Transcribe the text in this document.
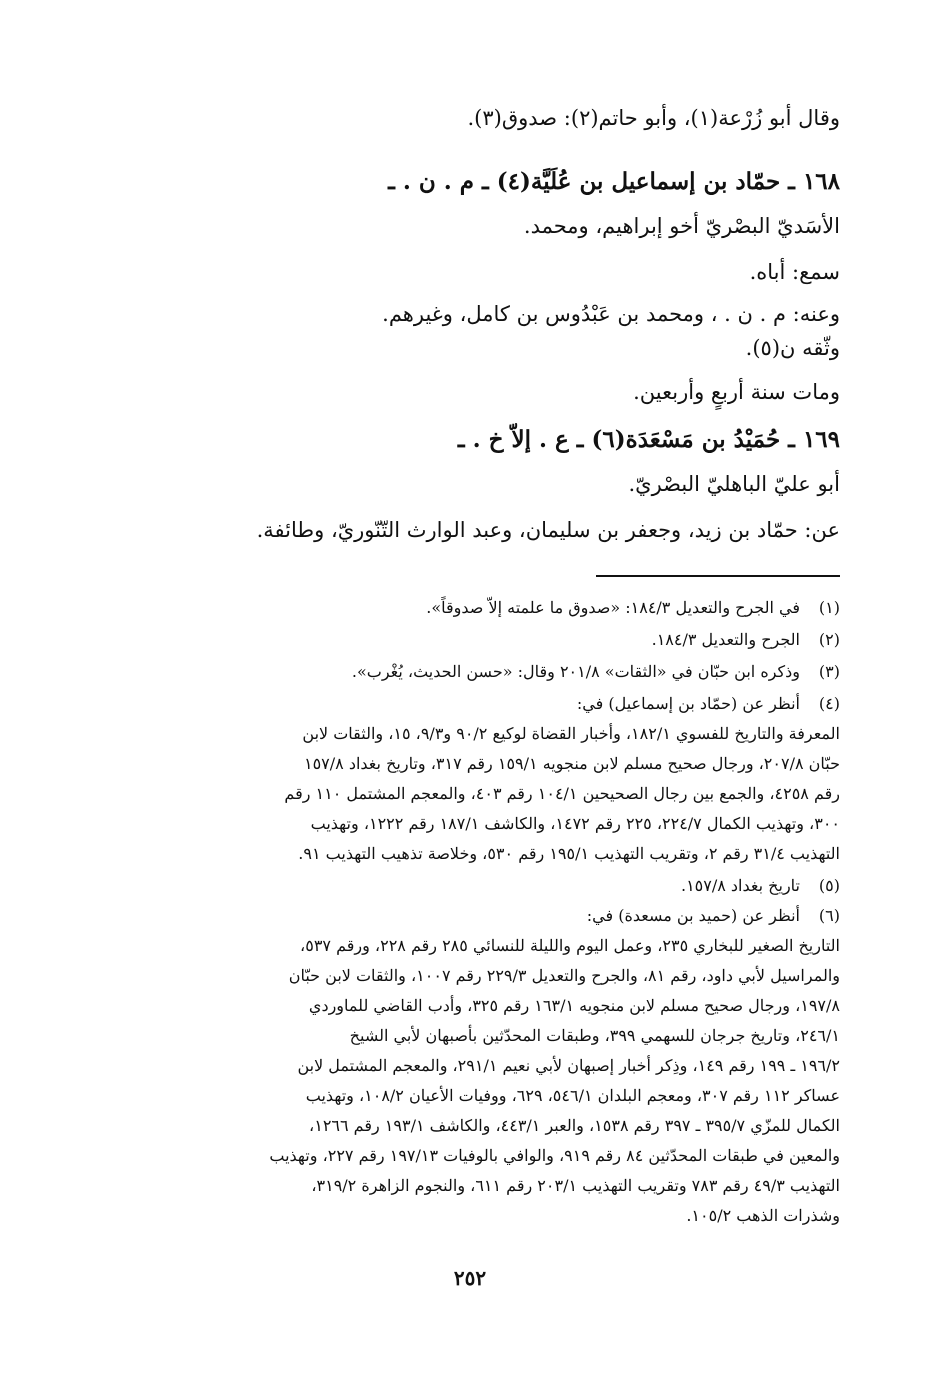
وقال أبو زُرْعة(١)، وأبو حاتم(٢): صدوق(٣).
١٦٨ ـ حمّاد بن إسماعيل بن عُلَيَّة(٤) ـ م . ن . ـ
الأسَديّ البصْريّ أخو إبراهيم، ومحمد.
سمع: أباه.
وعنه: م . ن . ، ومحمد بن عَبْدُوس بن كامل، وغيرهم.
وثّقه ن(٥).
ومات سنة أربعٍ وأربعين.
١٦٩ ـ حُمَيْدُ بن مَسْعَدَة(٦) ـ ع . إلاّ خ . ـ
أبو عليّ الباهليّ البصْريّ.
عن: حمّاد بن زيد، وجعفر بن سليمان، وعبد الوارث التّنّوريّ، وطائفة.
(١)
في الجرح والتعديل ١٨٤/٣: «صدوق ما علمته إلاّ صدوقاً».
(٢)
الجرح والتعديل ١٨٤/٣.
(٣)
وذكره ابن حبّان في «الثقات» ٢٠١/٨ وقال: «حسن الحديث، يُغْرب».
(٤)
أنظر عن (حمّاد بن إسماعيل) في:
المعرفة والتاريخ للفسوي ١٨٢/١، وأخبار القضاة لوكيع ٩٠/٢ و٩/٣، ١٥، والثقات لابن
حبّان ٢٠٧/٨، ورجال صحيح مسلم لابن منجويه ١٥٩/١ رقم ٣١٧، وتاريخ بغداد ١٥٧/٨
رقم ٤٢٥٨، والجمع بين رجال الصحيحين ١٠٤/١ رقم ٤٠٣، والمعجم المشتمل ١١٠ رقم
٣٠٠، وتهذيب الكمال ٢٢٤/٧، ٢٢٥ رقم ١٤٧٢، والكاشف ١٨٧/١ رقم ١٢٢٢، وتهذيب
التهذيب ٣١/٤ رقم ٢، وتقريب التهذيب ١٩٥/١ رقم ٥٣٠، وخلاصة تذهيب التهذيب ٩١.
(٥)
تاريخ بغداد ١٥٧/٨.
(٦)
أنظر عن (حميد بن مسعدة) في:
التاريخ الصغير للبخاري ٢٣٥، وعمل اليوم والليلة للنسائي ٢٨٥ رقم ٢٢٨، ورقم ٥٣٧،
والمراسيل لأبي داود، رقم ٨١، والجرح والتعديل ٢٢٩/٣ رقم ١٠٠٧، والثقات لابن حبّان
١٩٧/٨، ورجال صحيح مسلم لابن منجويه ١٦٣/١ رقم ٣٢٥، وأدب القاضي للماوردي
٢٤٦/١، وتاريخ جرجان للسهمي ٣٩٩، وطبقات المحدّثين بأصبهان لأبي الشيخ
١٩٦/٢ ـ ١٩٩ رقم ١٤٩، وذِكر أخبار إصبهان لأبي نعيم ٢٩١/١، والمعجم المشتمل لابن
عساكر ١١٢ رقم ٣٠٧، ومعجم البلدان ٥٤٦/١، ٦٢٩، ووفيات الأعيان ١٠٨/٢، وتهذيب
الكمال للمزّي ٣٩٥/٧ ـ ٣٩٧ رقم ١٥٣٨، والعبر ٤٤٣/١، والكاشف ١٩٣/١ رقم ١٢٦٦،
والمعين في طبقات المحدّثين ٨٤ رقم ٩١٩، والوافي بالوفيات ١٩٧/١٣ رقم ٢٢٧، وتهذيب
التهذيب ٤٩/٣ رقم ٧٨٣ وتقريب التهذيب ٢٠٣/١ رقم ٦١١، والنجوم الزاهرة ٣١٩/٢،
وشذرات الذهب ١٠٥/٢.
٢٥٢
